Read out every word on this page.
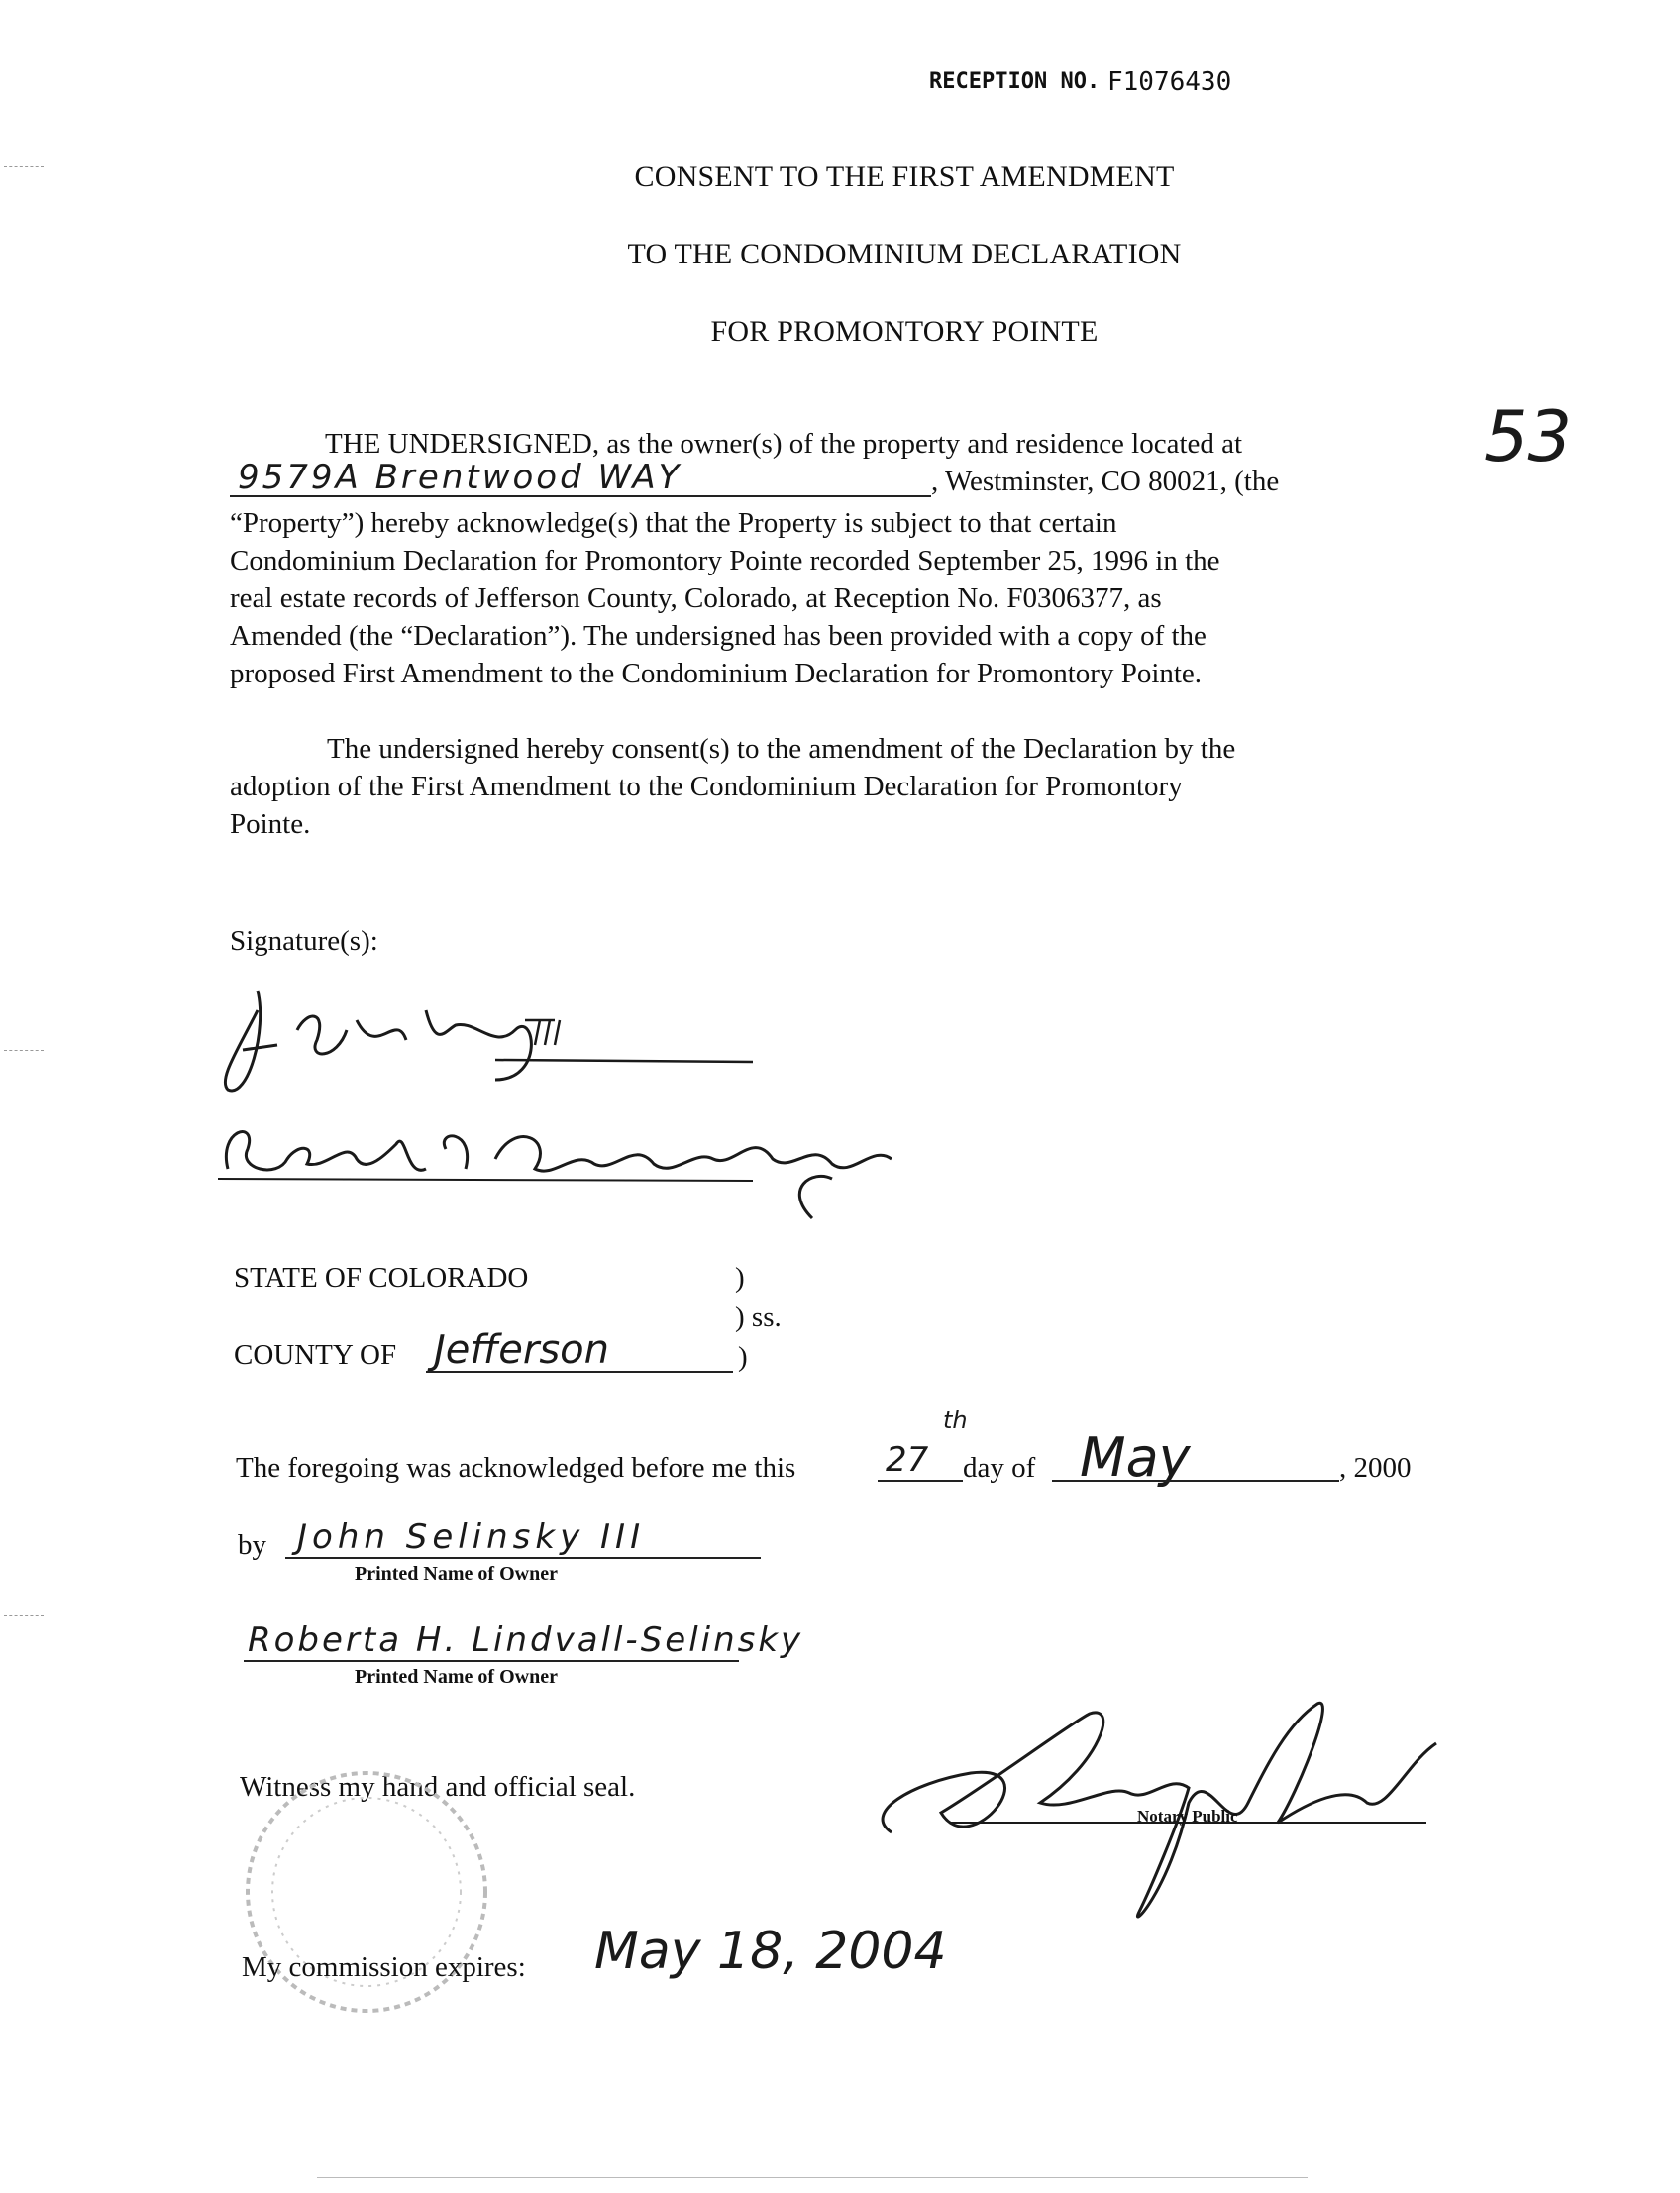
RECEPTION NO. F1076430
53
CONSENT TO THE FIRST AMENDMENT
TO THE CONDOMINIUM DECLARATION
FOR PROMONTORY POINTE
THE UNDERSIGNED, as the owner(s) of the property and residence located at
9579A Brentwood WAY	, Westminster, CO 80021, (the
“Property”) hereby acknowledge(s) that the Property is subject to that certain
Condominium Declaration for Promontory Pointe recorded September 25, 1996 in the
real estate records of Jefferson County, Colorado, at Reception No. F0306377, as
Amended (the “Declaration”). The undersigned has been provided with a copy of the
proposed First Amendment to the Condominium Declaration for Promontory Pointe.
The undersigned hereby consent(s) to the amendment of the Declaration by the
adoption of the First Amendment to the Condominium Declaration for Promontory
Pointe.
Signature(s):
STATE OF COLORADO	)
) ss.
COUNTY OF Jefferson	)
The foregoing was acknowledged before me this	27
th
day of May	, 2000
by John Selinsky III
Printed Name of Owner
Roberta H. Lindvall-Selinsky
Printed Name of Owner
Witness my hand and official seal.
Notary Public
My commission expires: May 18, 2004
